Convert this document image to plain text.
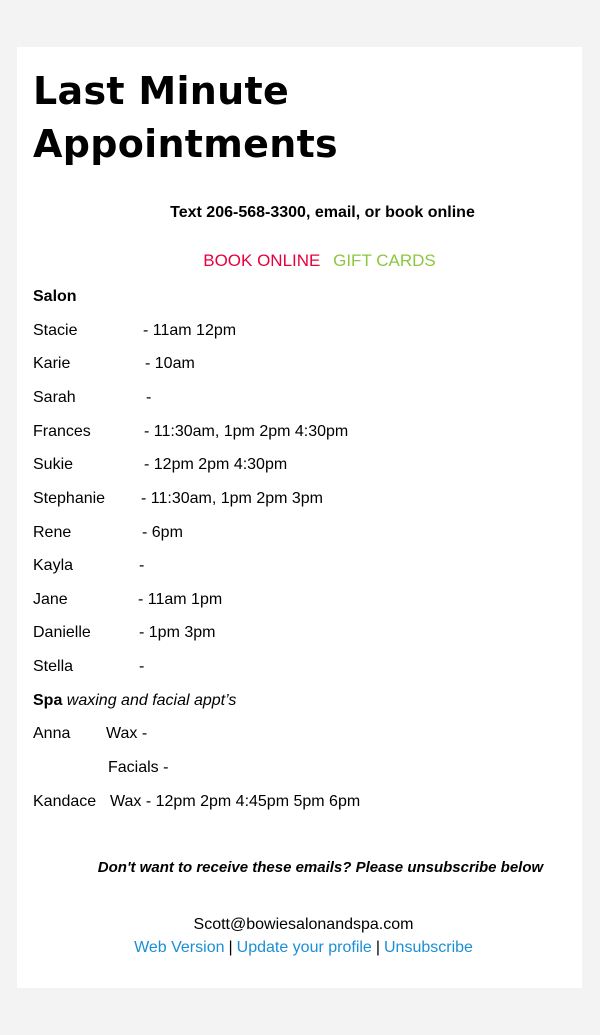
Last Minute
Appointments
Text 206-568-3300, email, or book online
BOOK ONLINE GIFT CARDS
Salon
Stacie	- 11am 12pm
Karie	- 10am
Sarah	-
Frances	- 11:30am, 1pm 2pm 4:30pm
Sukie	- 12pm 2pm 4:30pm
Stephanie - 11:30am, 1pm 2pm 3pm
Rene	- 6pm
Kayla	-
Jane	- 11am 1pm
Danielle	- 1pm 3pm
Stella	-
Spa waxing and facial appt’s
Anna Wax -
Facials -
Kandace Wax - 12pm 2pm 4:45pm 5pm 6pm
Don't want to receive these emails? Please unsubscribe below
Scott@bowiesalonandspa.com
Web Version | Update your profile | Unsubscribe
